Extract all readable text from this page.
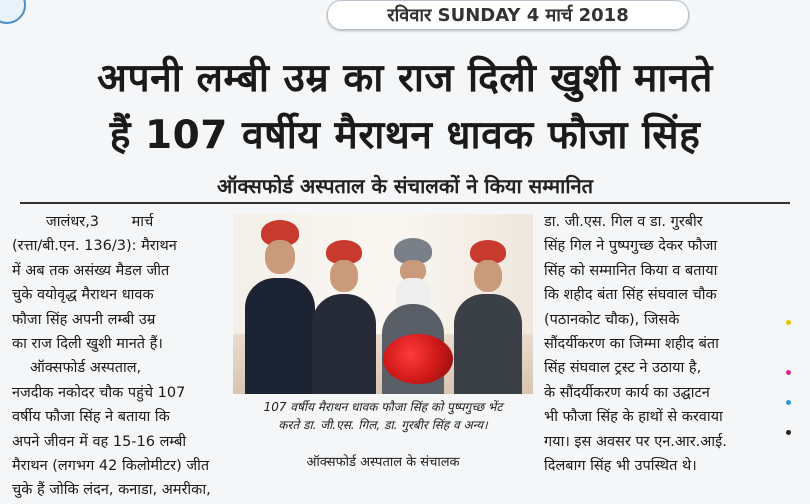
रविवार SUNDAY 4 मार्च 2018
अपनी लम्बी उम्र का राज दिली खुशी मानते
हैं 107 वर्षीय मैराथन धावक फौजा सिंह
ऑक्सफोर्ड अस्पताल के संचालकों ने किया सम्मानित
जालंधर,3 मार्च
(रत्ता/बी.एन. 136/3): मैराथन
में अब तक असंख्य मैडल जीत
चुके वयोवृद्ध मैराथन धावक
फौजा सिंह अपनी लम्बी उम्र
का राज दिली खुशी मानते हैं।
ऑक्सफोर्ड अस्पताल,
नजदीक नकोदर चौक पहुंचे 107
वर्षीय फौजा सिंह ने बताया कि
अपने जीवन में वह 15-16 लम्बी
मैराथन (लगभग 42 किलोमीटर) जीत
चुके हैं जोकि लंदन, कनाडा, अमरीका,
107 वर्षीय मैराथन धावक फौजा सिंह को पुष्पगुच्छ भेंट
करते डा. जी.एस. गिल, डा. गुरबीर सिंह व अन्य।
ऑक्सफोर्ड अस्पताल के संचालक
डा. जी.एस. गिल व डा. गुरबीर
सिंह गिल ने पुष्पगुच्छ देकर फौजा
सिंह को सम्मानित किया व बताया
कि शहीद बंता सिंह संघवाल चौक
(पठानकोट चौक), जिसके
सौंदर्यीकरण का जिम्मा शहीद बंता
सिंह संघवाल ट्रस्ट ने उठाया है,
के सौंदर्यीकरण कार्य का उद्घाटन
भी फौजा सिंह के हाथों से करवाया
गया। इस अवसर पर एन.आर.आई.
दिलबाग सिंह भी उपस्थित थे।
